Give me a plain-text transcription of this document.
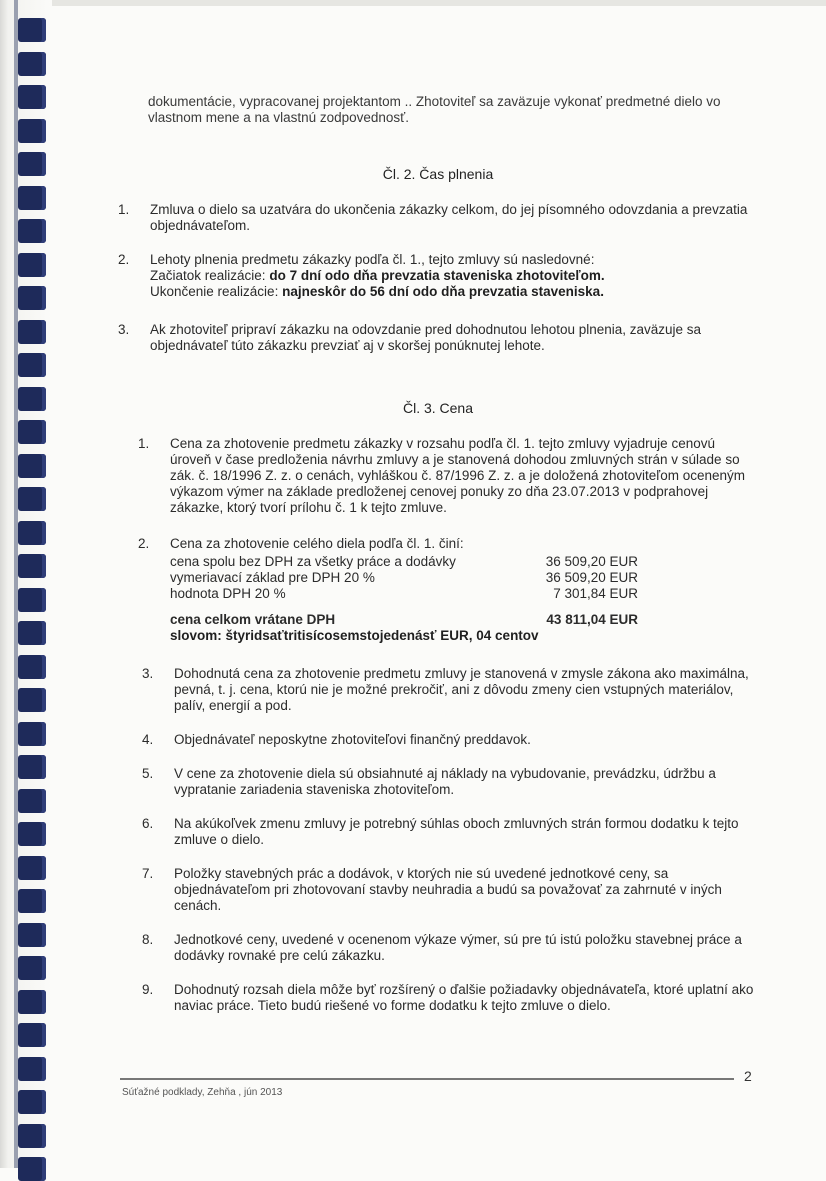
dokumentácie, vypracovanej projektantom .. Zhotoviteľ sa zaväzuje vykonať predmetné dielo vo vlastnom mene a na vlastnú zodpovednosť.

Čl. 2. Čas plnenia
1.	Zmluva o dielo sa uzatvára do ukončenia zákazky celkom, do jej písomného odovzdania a prevzatia objednávateľom.
2.	Lehoty plnenia predmetu zákazky podľa čl. 1., tejto zmluvy sú nasledovné:
Začiatok realizácie: do 7 dní odo dňa prevzatia staveniska zhotoviteľom.
Ukončenie realizácie: najneskôr do 56 dní odo dňa prevzatia staveniska.
3.	Ak zhotoviteľ pripraví zákazku na odovzdanie pred dohodnutou lehotou plnenia, zaväzuje sa objednávateľ túto zákazku prevziať aj v skoršej ponúknutej lehote.
Čl. 3. Cena
1.	Cena za zhotovenie predmetu zákazky v rozsahu podľa čl. 1. tejto zmluvy vyjadruje cenovú úroveň v čase predloženia návrhu zmluvy a je stanovená dohodou zmluvných strán v súlade so zák. č. 18/1996 Z. z. o cenách, vyhláškou č. 87/1996 Z. z. a je doložená zhotoviteľom oceneným výkazom výmer na základe predloženej cenovej ponuky zo dňa 23.07.2013 v podprahovej zákazke, ktorý tvorí prílohu č. 1 k tejto zmluve.
2.	Cena za zhotovenie celého diela podľa čl. 1. činí:
cena spolu bez DPH za všetky práce a dodávky	36 509,20 EUR
vymeriavací základ pre DPH 20 %	36 509,20 EUR
hodnota DPH 20 %	7 301,84 EUR
cena celkom vrátane DPH	43 811,04 EUR
slovom: štyridsaťtritisícosemstojedenásť EUR, 04 centov
3.	Dohodnutá cena za zhotovenie predmetu zmluvy je stanovená v zmysle zákona ako maximálna, pevná, t. j. cena, ktorú nie je možné prekročiť, ani z dôvodu zmeny cien vstupných materiálov, palív, energií a pod.
4.	Objednávateľ neposkytne zhotoviteľovi finančný preddavok.
5.	V cene za zhotovenie diela sú obsiahnuté aj náklady na vybudovanie, prevádzku, údržbu a vypratanie zariadenia staveniska zhotoviteľom.
6.	Na akúkoľvek zmenu zmluvy je potrebný súhlas oboch zmluvných strán formou dodatku k tejto zmluve o dielo.
7.	Položky stavebných prác a dodávok, v ktorých nie sú uvedené jednotkové ceny, sa objednávateľom pri zhotovovaní stavby neuhradia a budú sa považovať za zahrnuté v iných cenách.
8.	Jednotkové ceny, uvedené v ocenenom výkaze výmer, sú pre tú istú položku stavebnej práce a dodávky rovnaké pre celú zákazku.
9.	Dohodnutý rozsah diela môže byť rozšírený o ďalšie požiadavky objednávateľa, ktoré uplatní ako naviac práce. Tieto budú riešené vo forme dodatku k tejto zmluve o dielo.
2
Súťažné podklady, Zehňa , jún 2013
